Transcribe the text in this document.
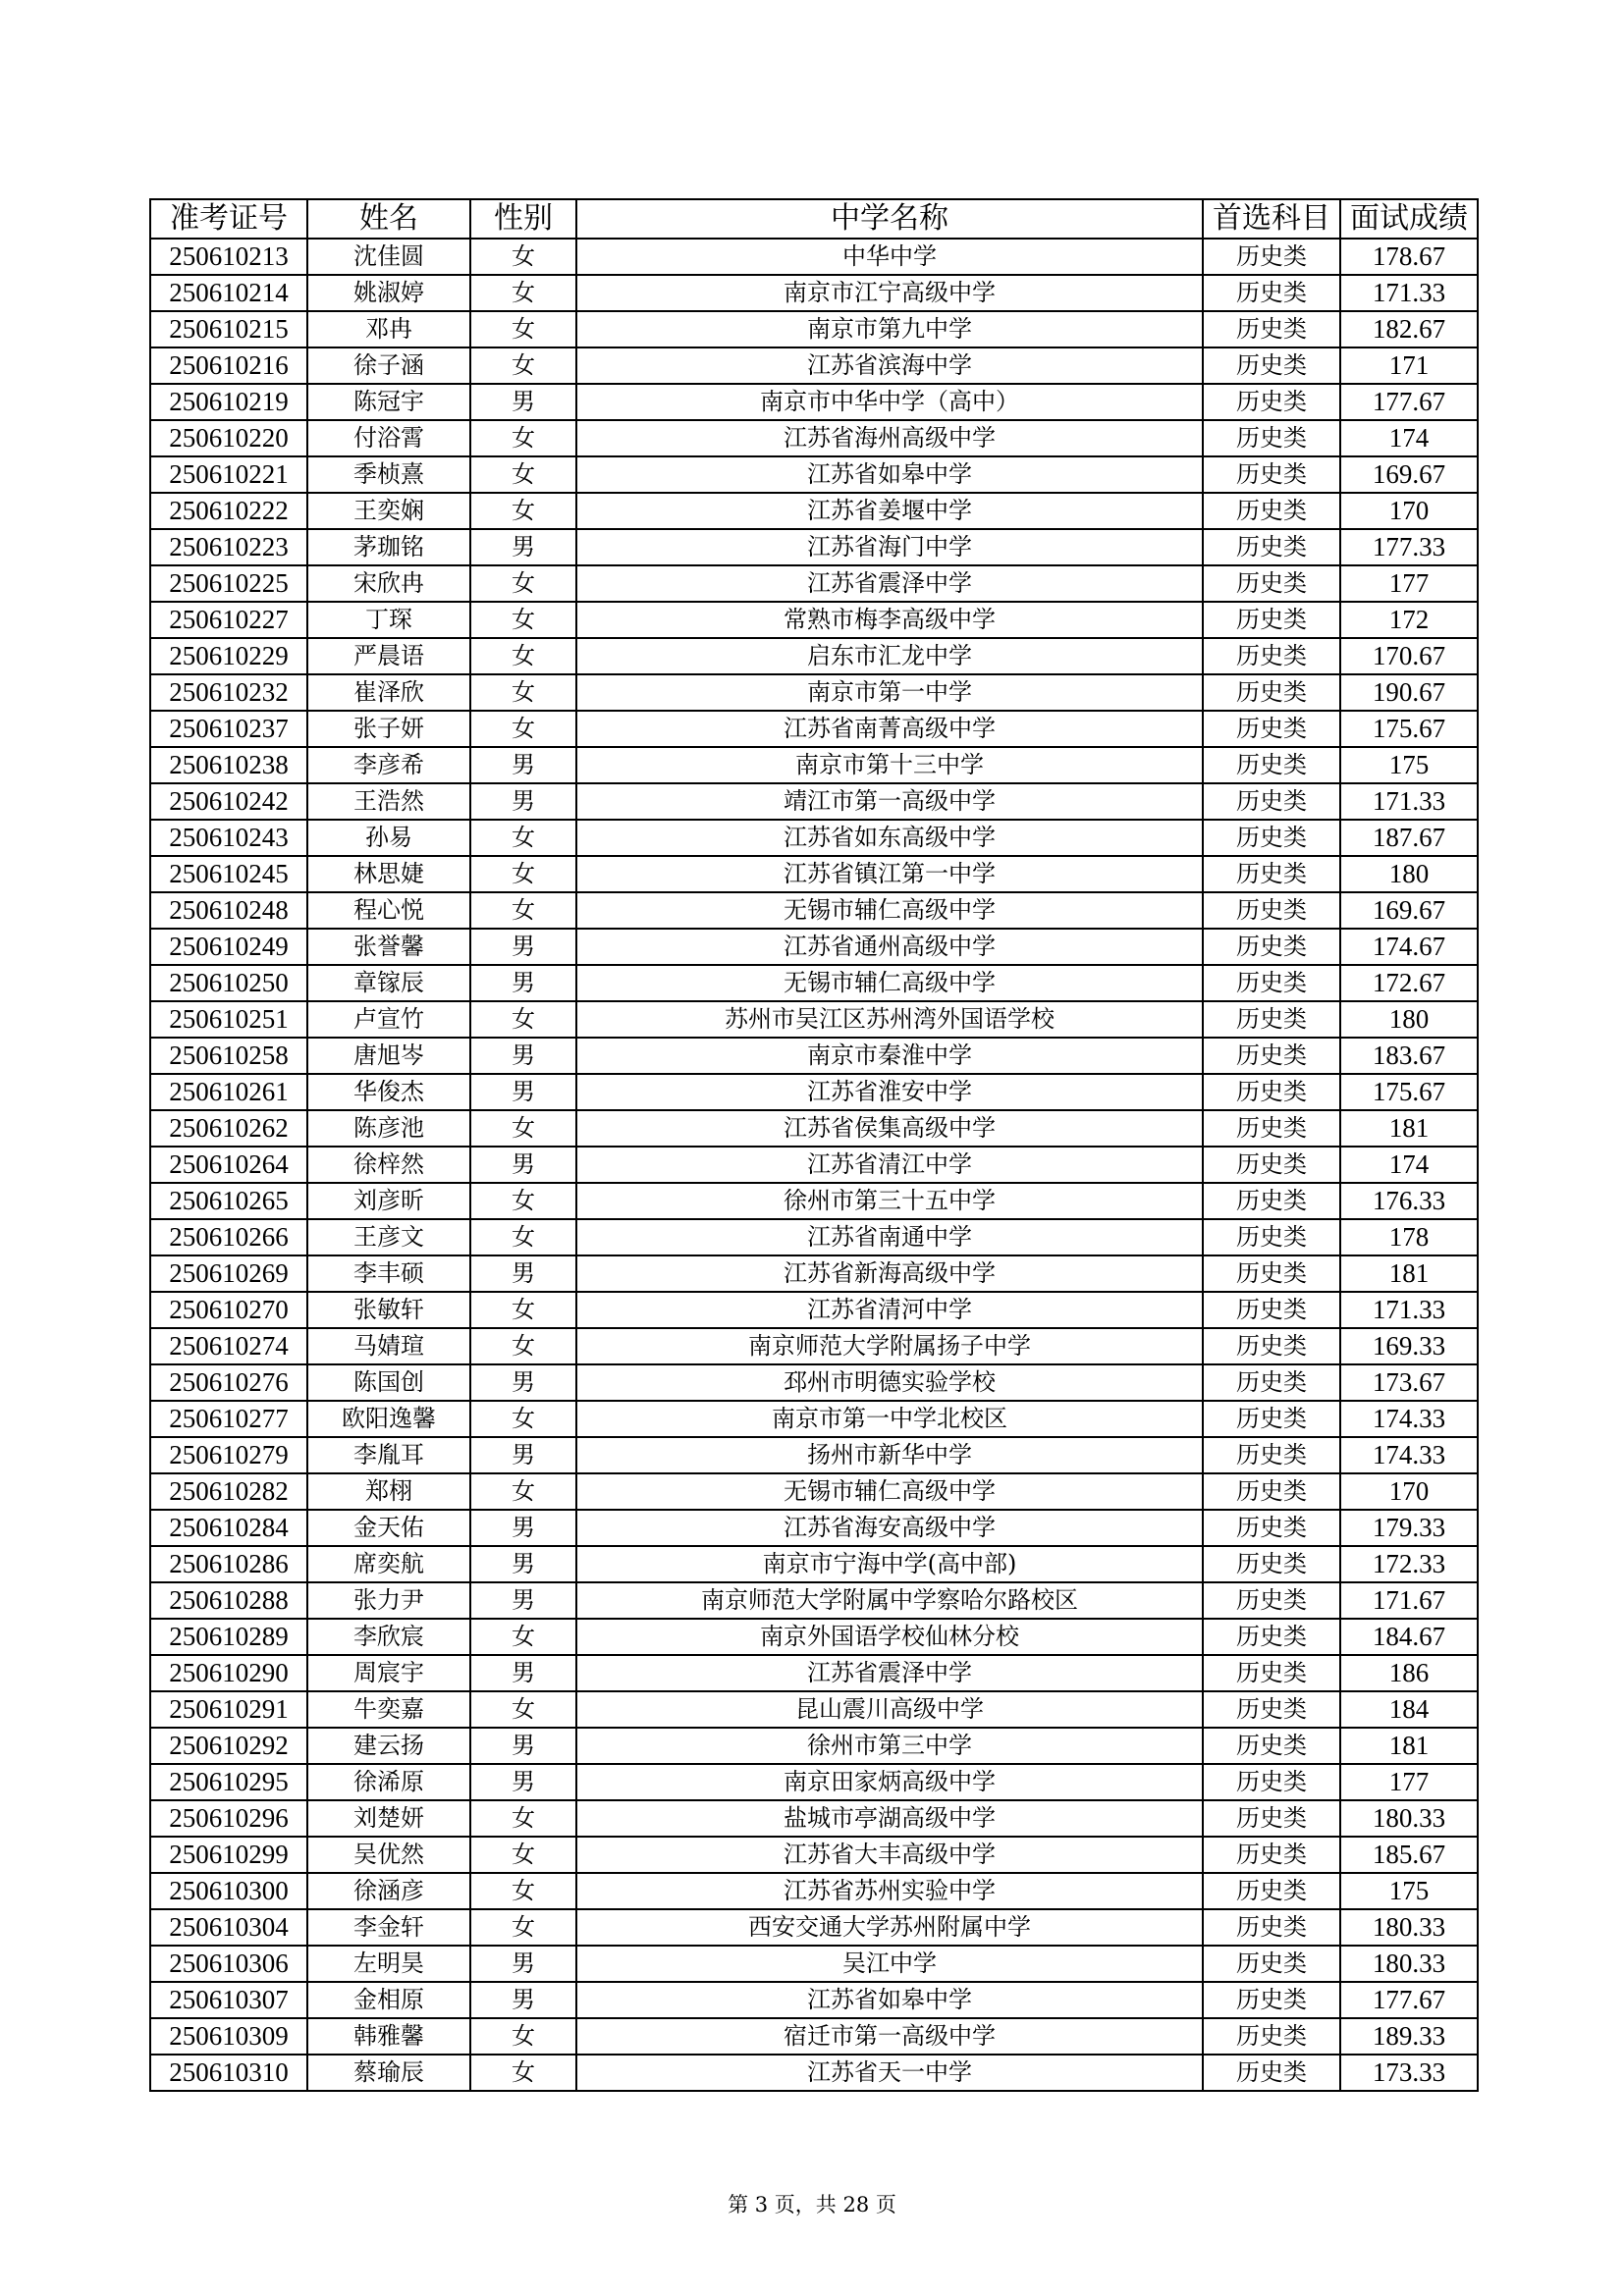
准考证号	姓名	性别	中学名称	首选科目	面试成绩
250610213	沈佳圆	女	中华中学	历史类	178.67
250610214	姚淑婷	女	南京市江宁高级中学	历史类	171.33
250610215	邓冉	女	南京市第九中学	历史类	182.67
250610216	徐子涵	女	江苏省滨海中学	历史类	171
250610219	陈冠宇	男	南京市中华中学（高中）	历史类	177.67
250610220	付浴霄	女	江苏省海州高级中学	历史类	174
250610221	季桢熹	女	江苏省如皋中学	历史类	169.67
250610222	王奕娴	女	江苏省姜堰中学	历史类	170
250610223	茅珈铭	男	江苏省海门中学	历史类	177.33
250610225	宋欣冉	女	江苏省震泽中学	历史类	177
250610227	丁琛	女	常熟市梅李高级中学	历史类	172
250610229	严晨语	女	启东市汇龙中学	历史类	170.67
250610232	崔泽欣	女	南京市第一中学	历史类	190.67
250610237	张子妍	女	江苏省南菁高级中学	历史类	175.67
250610238	李彦希	男	南京市第十三中学	历史类	175
250610242	王浩然	男	靖江市第一高级中学	历史类	171.33
250610243	孙易	女	江苏省如东高级中学	历史类	187.67
250610245	林思婕	女	江苏省镇江第一中学	历史类	180
250610248	程心悦	女	无锡市辅仁高级中学	历史类	169.67
250610249	张誉馨	男	江苏省通州高级中学	历史类	174.67
250610250	章镓辰	男	无锡市辅仁高级中学	历史类	172.67
250610251	卢宣竹	女	苏州市吴江区苏州湾外国语学校	历史类	180
250610258	唐旭岑	男	南京市秦淮中学	历史类	183.67
250610261	华俊杰	男	江苏省淮安中学	历史类	175.67
250610262	陈彦池	女	江苏省侯集高级中学	历史类	181
250610264	徐梓然	男	江苏省清江中学	历史类	174
250610265	刘彦昕	女	徐州市第三十五中学	历史类	176.33
250610266	王彦文	女	江苏省南通中学	历史类	178
250610269	李丰硕	男	江苏省新海高级中学	历史类	181
250610270	张敏轩	女	江苏省清河中学	历史类	171.33
250610274	马婧瑄	女	南京师范大学附属扬子中学	历史类	169.33
250610276	陈国创	男	邳州市明德实验学校	历史类	173.67
250610277	欧阳逸馨	女	南京市第一中学北校区	历史类	174.33
250610279	李胤耳	男	扬州市新华中学	历史类	174.33
250610282	郑栩	女	无锡市辅仁高级中学	历史类	170
250610284	金天佑	男	江苏省海安高级中学	历史类	179.33
250610286	席奕航	男	南京市宁海中学(高中部)	历史类	172.33
250610288	张力尹	男	南京师范大学附属中学察哈尔路校区	历史类	171.67
250610289	李欣宸	女	南京外国语学校仙林分校	历史类	184.67
250610290	周宸宇	男	江苏省震泽中学	历史类	186
250610291	牛奕嘉	女	昆山震川高级中学	历史类	184
250610292	建云扬	男	徐州市第三中学	历史类	181
250610295	徐浠原	男	南京田家炳高级中学	历史类	177
250610296	刘楚妍	女	盐城市亭湖高级中学	历史类	180.33
250610299	吴优然	女	江苏省大丰高级中学	历史类	185.67
250610300	徐涵彦	女	江苏省苏州实验中学	历史类	175
250610304	李金轩	女	西安交通大学苏州附属中学	历史类	180.33
250610306	左明昊	男	吴江中学	历史类	180.33
250610307	金相原	男	江苏省如皋中学	历史类	177.67
250610309	韩雅馨	女	宿迁市第一高级中学	历史类	189.33
250610310	蔡瑜辰	女	江苏省天一中学	历史类	173.33
第 3 页，共 28 页
